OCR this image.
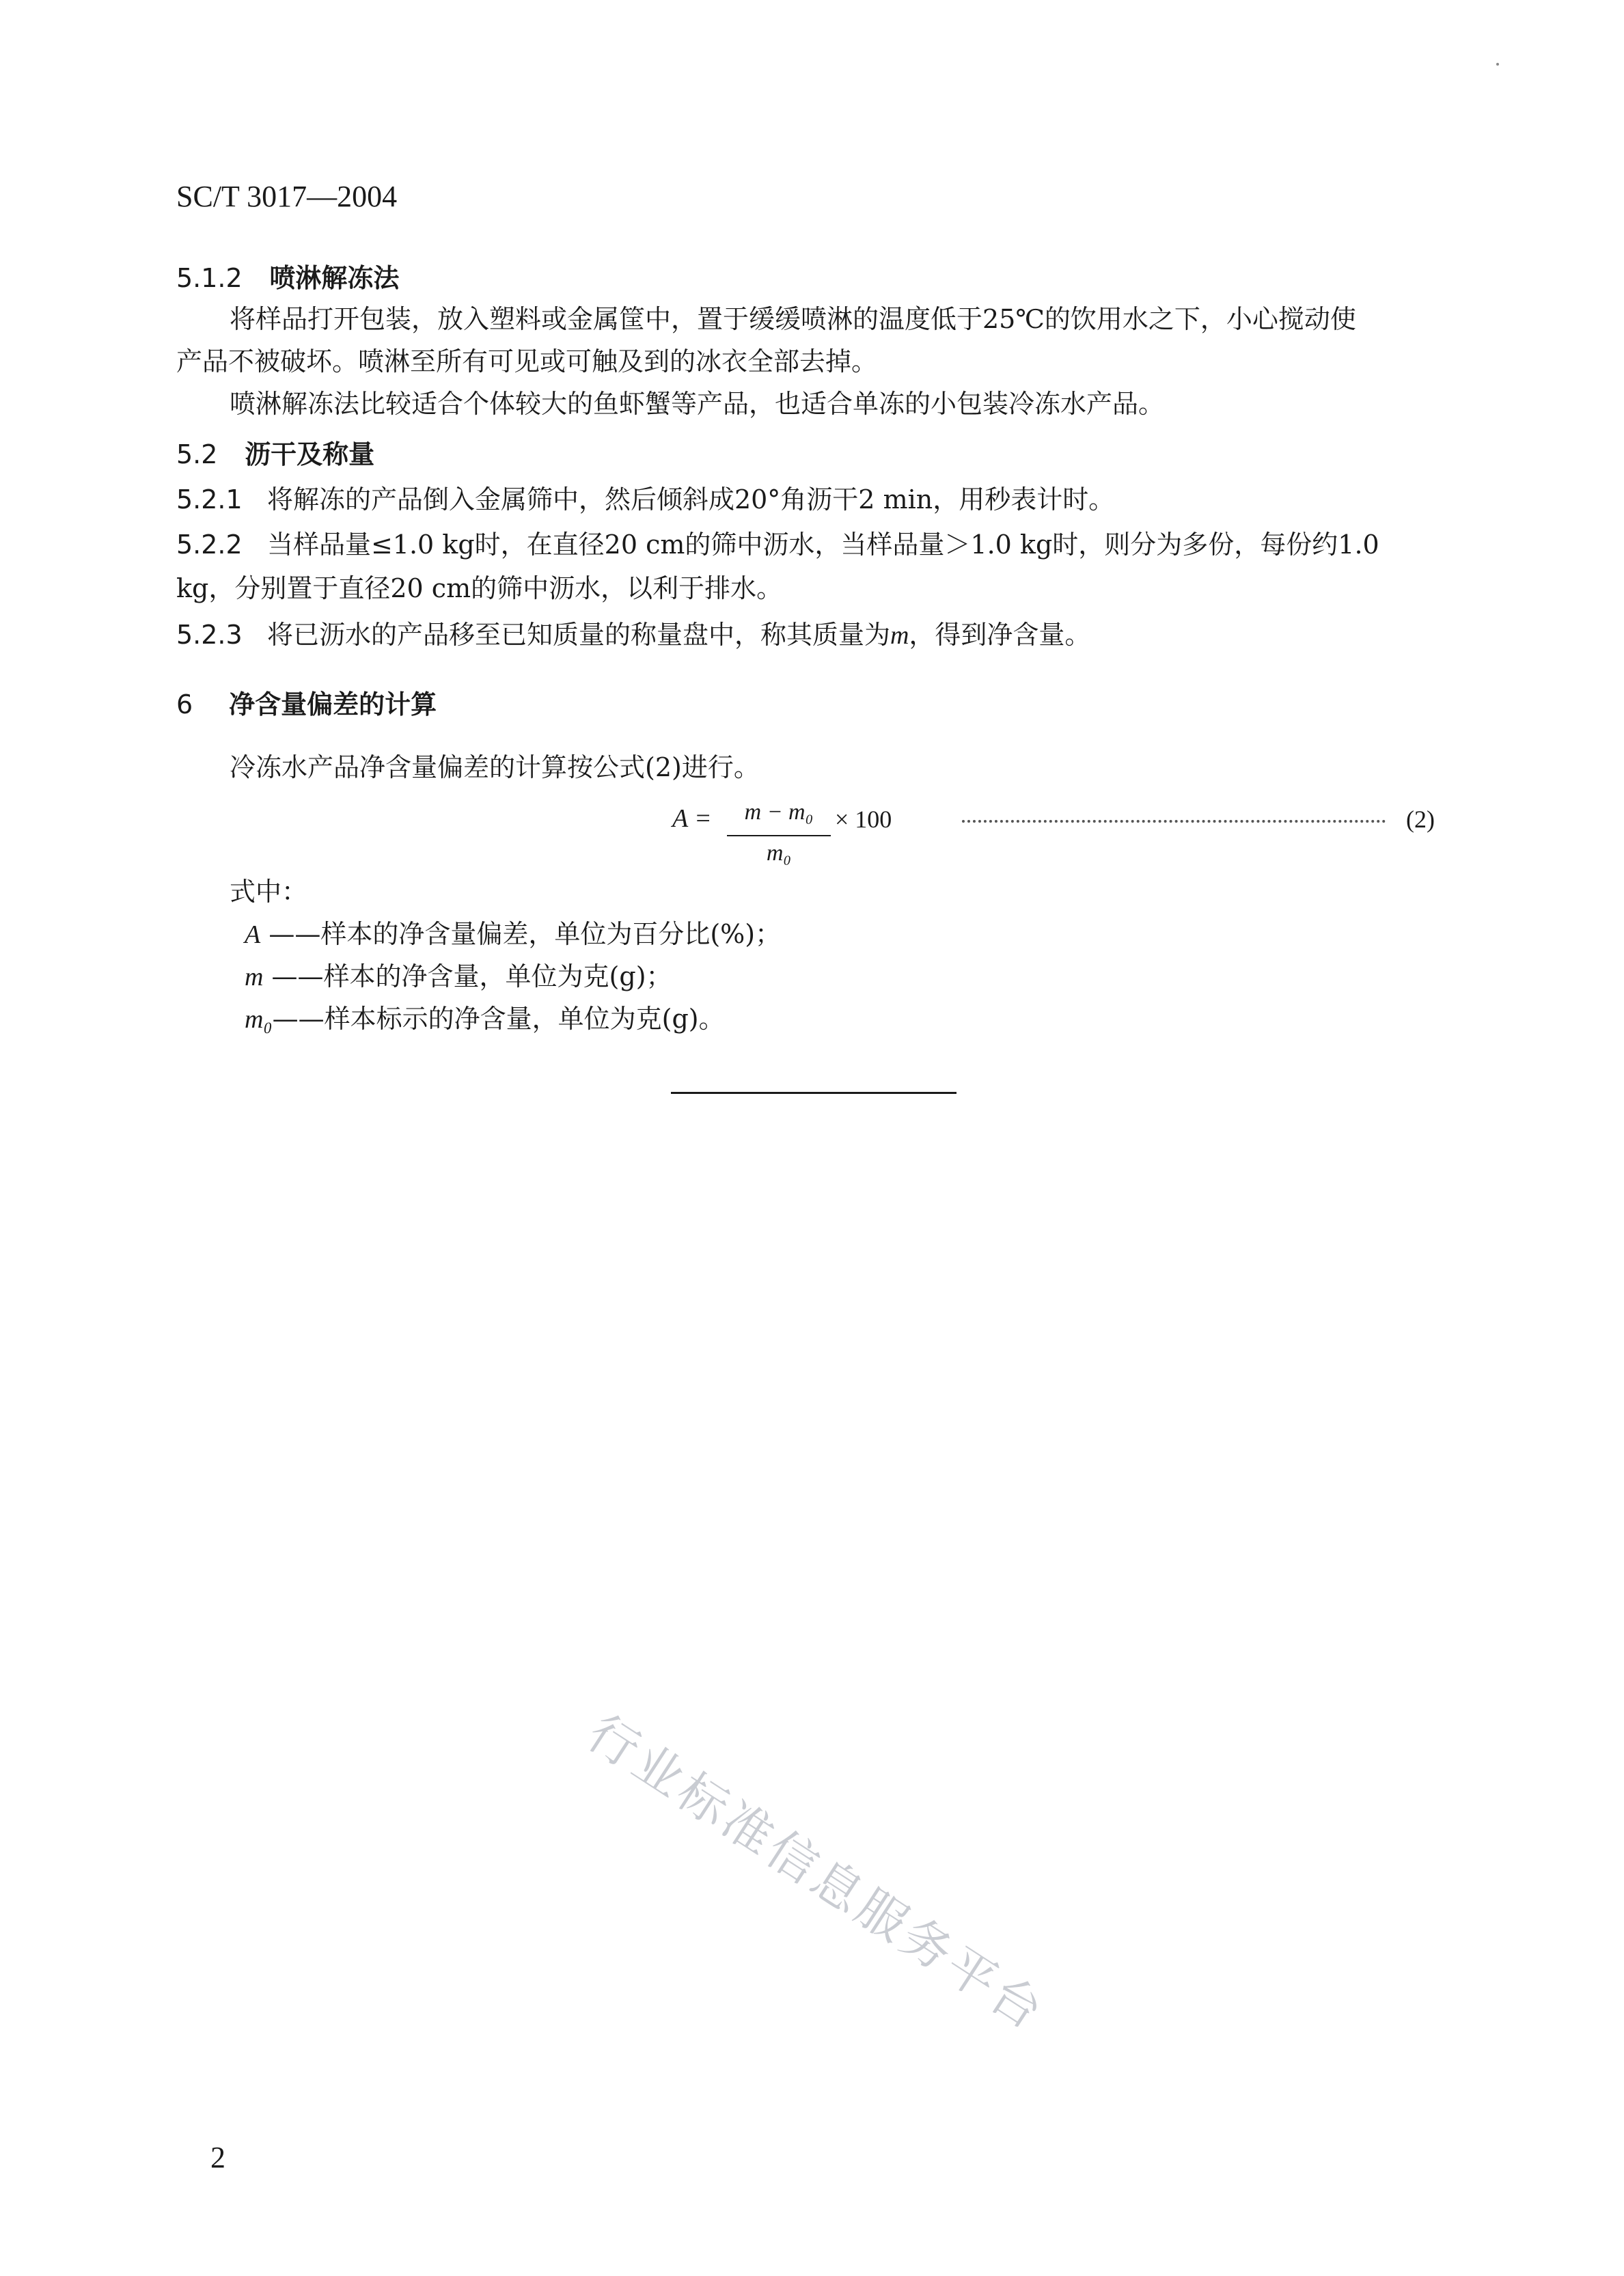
SC/T 3017—2004
5.1.2 喷淋解冻法
将样品打开包装，放入塑料或金属筐中，置于缓缓喷淋的温度低于25℃的饮用水之下，小心搅动使
产品不被破坏。喷淋至所有可见或可触及到的冰衣全部去掉。
喷淋解冻法比较适合个体较大的鱼虾蟹等产品，也适合单冻的小包装冷冻水产品。
5.2 沥干及称量
5.2.1 将解冻的产品倒入金属筛中，然后倾斜成20°角沥干2 min，用秒表计时。
5.2.2 当样品量≤1.0 kg时，在直径20 cm的筛中沥水，当样品量＞1.0 kg时，则分为多份，每份约1.0
kg，分别置于直径20 cm的筛中沥水，以利于排水。
5.2.3 将已沥水的产品移至已知质量的称量盘中，称其质量为m，得到净含量。
6 净含量偏差的计算
冷冻水产品净含量偏差的计算按公式(2)进行。
A =	m − m₀
m₀
× 100	(2)
式中：
A ——样本的净含量偏差，单位为百分比(%)；
m ——样本的净含量，单位为克(g)；
m₀——样本标示的净含量，单位为克(g)。
行业标准信息服务平台
2
